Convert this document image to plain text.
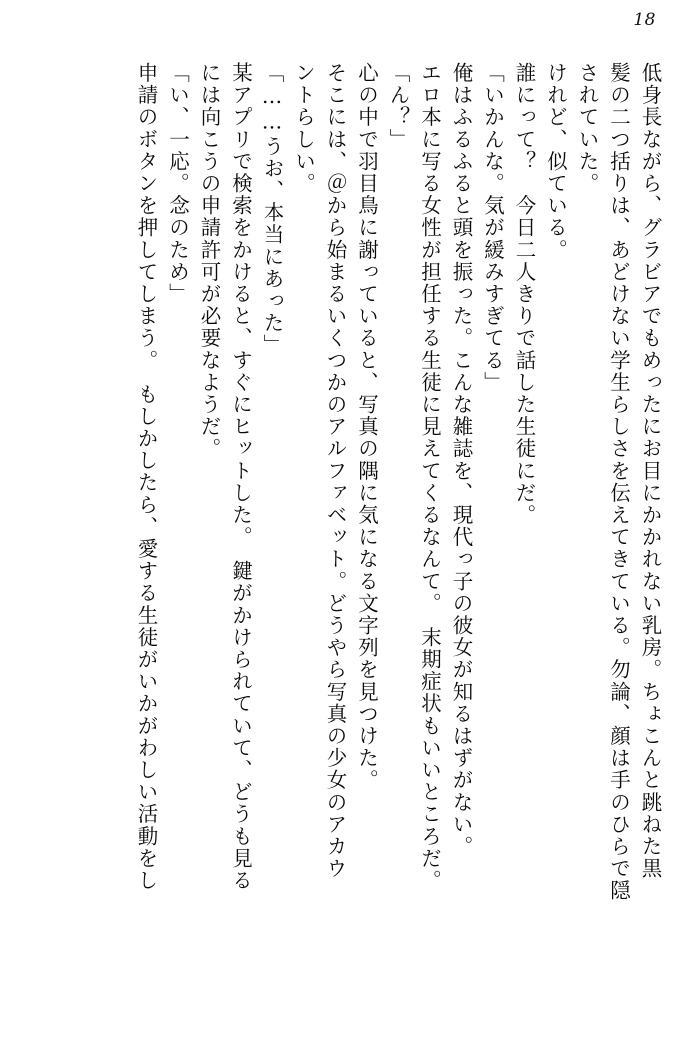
18
低身長ながら、グラビアでもめったにお目にかかれない乳房。ちょこんと跳ねた黒
髪の二つ括りは、あどけない学生らしさを伝えてきている。勿論、顔は手のひらで隠
されていた。
けれど、似ている。
誰にって？　今日二人きりで話した生徒にだ。
「いかんな。気が緩みすぎてる」
俺はふるふると頭を振った。こんな雑誌を、現代っ子の彼女が知るはずがない。
エロ本に写る女性が担任する生徒に見えてくるなんて。　末期症状もいいところだ。
「ん？」
心の中で羽目鳥に謝っていると、写真の隅に気になる文字列を見つけた。
そこには、＠から始まるいくつかのアルファベット。どうやら写真の少女のアカウ
ントらしい。
「……うお、本当にあった」
某アプリで検索をかけると、すぐにヒットした。　鍵がかけられていて、どうも見る
には向こうの申請許可が必要なようだ。
「い、一応。念のため」
申請のボタンを押してしまう。　もしかしたら、愛する生徒がいかがわしい活動をし
